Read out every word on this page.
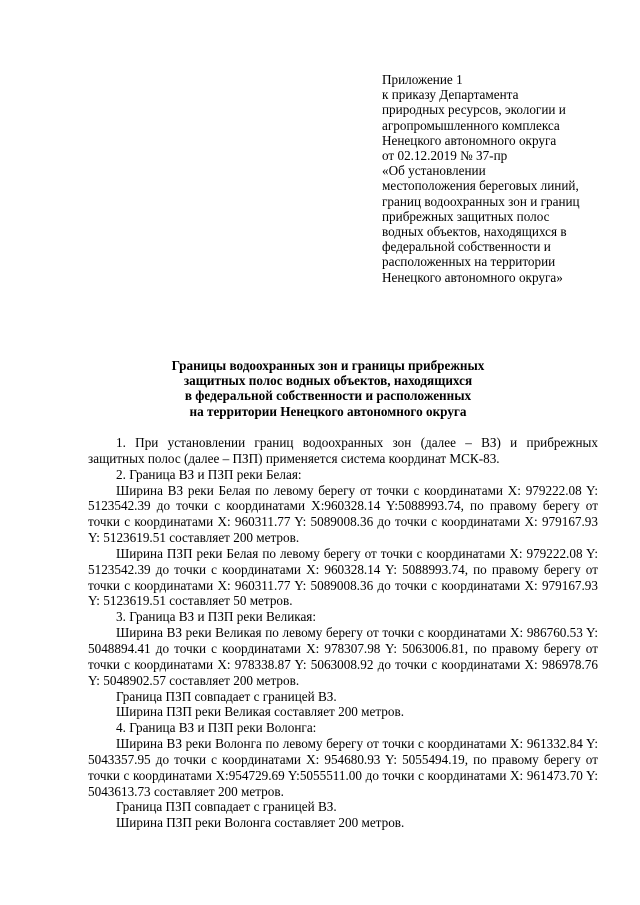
Приложение 1
к приказу Департамента
природных ресурсов, экологии и
агропромышленного комплекса
Ненецкого автономного округа
от 02.12.2019 № 37-пр
«Об установлении
местоположения береговых линий,
границ водоохранных зон и границ
прибрежных защитных полос
водных объектов, находящихся в
федеральной собственности и
расположенных на территории
Ненецкого автономного округа»
Границы водоохранных зон и границы прибрежных
защитных полос водных объектов, находящихся
в федеральной собственности и расположенных
на территории Ненецкого автономного округа

1. При установлении границ водоохранных зон (далее – ВЗ) и прибрежных защитных полос (далее – ПЗП) применяется система координат МСК-83.

2. Граница ВЗ и ПЗП реки Белая:

Ширина ВЗ реки Белая по левому берегу от точки с координатами X: 979222.08 Y: 5123542.39 до точки с координатами X:960328.14 Y:5088993.74, по правому берегу от точки с координатами X: 960311.77 Y: 5089008.36 до точки с координатами X: 979167.93 Y: 5123619.51 составляет 200 метров.

Ширина ПЗП реки Белая по левому берегу от точки с координатами X: 979222.08 Y: 5123542.39 до точки с координатами X: 960328.14 Y: 5088993.74, по правому берегу от точки с координатами X: 960311.77 Y: 5089008.36 до точки с координатами X: 979167.93 Y: 5123619.51 составляет 50 метров.

3. Граница ВЗ и ПЗП реки Великая:

Ширина ВЗ реки Великая по левому берегу от точки с координатами X: 986760.53 Y: 5048894.41 до точки с координатами X: 978307.98 Y: 5063006.81, по правому берегу от точки с координатами X: 978338.87 Y: 5063008.92 до точки с координатами X: 986978.76 Y: 5048902.57 составляет 200 метров.

Граница ПЗП совпадает с границей ВЗ.

Ширина ПЗП реки Великая составляет 200 метров.

4. Граница ВЗ и ПЗП реки Волонга:

Ширина ВЗ реки Волонга по левому берегу от точки с координатами X: 961332.84 Y: 5043357.95 до точки с координатами X: 954680.93 Y: 5055494.19, по правому берегу от точки с координатами X:954729.69 Y:5055511.00 до точки с координатами X: 961473.70 Y: 5043613.73 составляет 200 метров.

Граница ПЗП совпадает с границей ВЗ.

Ширина ПЗП реки Волонга составляет 200 метров.
